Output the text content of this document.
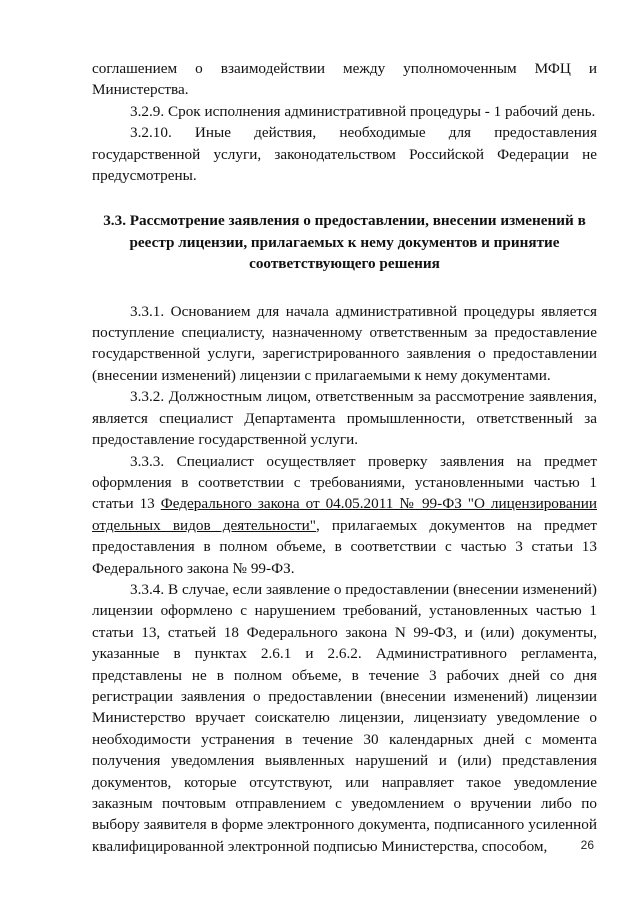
соглашением о взаимодействии между уполномоченным МФЦ и Министерства.

3.2.9. Срок исполнения административной процедуры - 1 рабочий день.

3.2.10. Иные действия, необходимые для предоставления государственной услуги, законодательством Российской Федерации не предусмотрены.

3.3. Рассмотрение заявления о предоставлении, внесении изменений в реестр лицензии, прилагаемых к нему документов и принятие соответствующего решения

3.3.1. Основанием для начала административной процедуры является поступление специалисту, назначенному ответственным за предоставление государственной услуги, зарегистрированного заявления о предоставлении (внесении изменений) лицензии с прилагаемыми к нему документами.

3.3.2. Должностным лицом, ответственным за рассмотрение заявления, является специалист Департамента промышленности, ответственный за предоставление государственной услуги.

3.3.3. Специалист осуществляет проверку заявления на предмет оформления в соответствии с требованиями, установленными частью 1 статьи 13 Федерального закона от 04.05.2011 № 99-ФЗ "О лицензировании отдельных видов деятельности", прилагаемых документов на предмет предоставления в полном объеме, в соответствии с частью 3 статьи 13 Федерального закона № 99-ФЗ.

3.3.4. В случае, если заявление о предоставлении (внесении изменений) лицензии оформлено с нарушением требований, установленных частью 1 статьи 13, статьей 18 Федерального закона N 99-ФЗ, и (или) документы, указанные в пунктах 2.6.1 и 2.6.2. Административного регламента, представлены не в полном объеме, в течение 3 рабочих дней со дня регистрации заявления о предоставлении (внесении изменений) лицензии Министерство вручает соискателю лицензии, лицензиату уведомление о необходимости устранения в течение 30 календарных дней с момента получения уведомления выявленных нарушений и (или) представления документов, которые отсутствуют, или направляет такое уведомление заказным почтовым отправлением с уведомлением о вручении либо по выбору заявителя в форме электронного документа, подписанного усиленной квалифицированной электронной подписью Министерства, способом,	26
